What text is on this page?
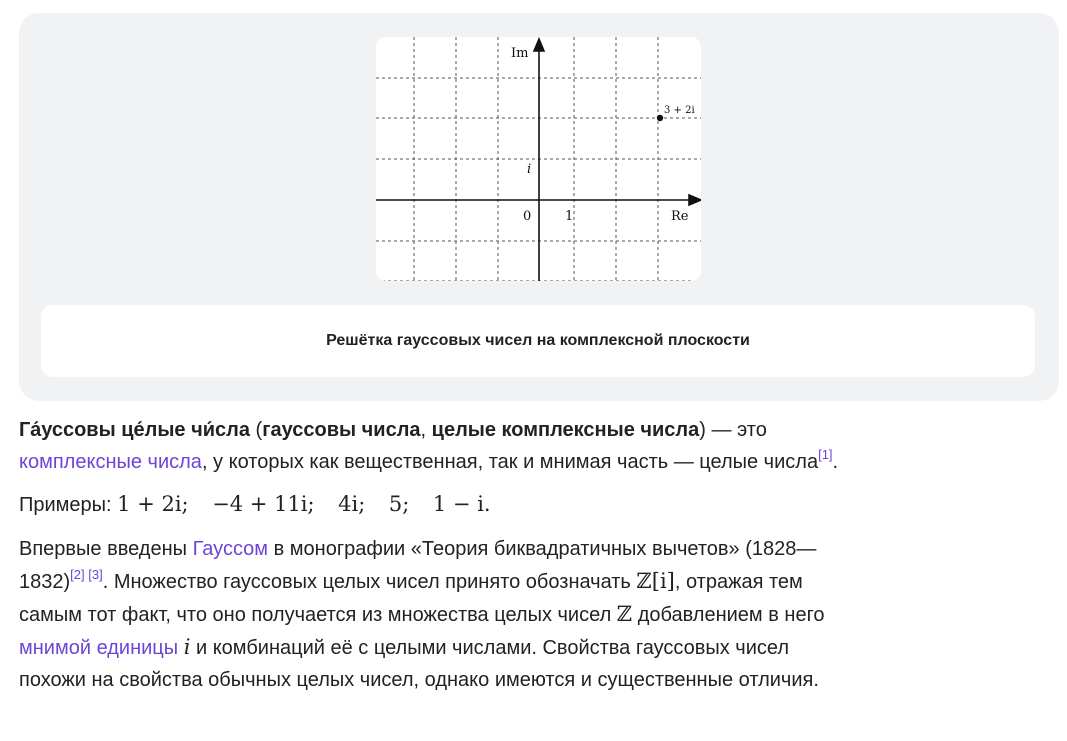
Im
Re
i
0	1
3 + 2i
Решётка гауссовых чисел на комплексной плоскости

Га́уссовы це́лые чи́сла (гауссовы числа, целые комплексные числа) — это
комплексные числа, у которых как вещественная, так и мнимая часть — целые числа[1].

Примеры: 1 + 2i; −4 + 11i; 4i; 5; 1 − i.

Впервые введены Гауссом в монографии «Теория биквадратичных вычетов» (1828—
1832)[2] [3]. Множество гауссовых целых чисел принято обозначать ℤ[i], отражая тем
самым тот факт, что оно получается из множества целых чисел ℤ добавлением в него
мнимой единицы i и комбинаций её с целыми числами. Свойства гауссовых чисел
похожи на свойства обычных целых чисел, однако имеются и существенные отличия.
